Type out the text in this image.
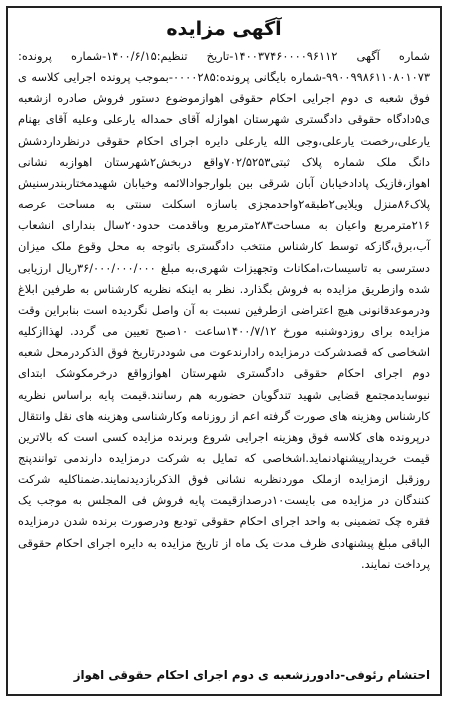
آگهی مزایده
شماره آگهی ۱۴۰۰۳۷۴۶۰۰۰۰۹۶۱۱۲-تاریخ تنظیم:۱۴۰۰/۶/۱۵-شماره پرونده: ۹۹۰۰۹۹۸۶۱۱۰۸۰۱۰۷۳-شماره بایگانی پرونده:۰۰۰۰۲۸۵-بموجب پرونده اجرایی کلاسه ی فوق شعبه ی دوم اجرایی احکام حقوقی اهوازموضوع دستور فروش صادره ازشعبه ی۵دادگاه حقوقی دادگستری شهرستان اهوازله آقای حمداله یارعلی وعلیه آقای بهنام یارعلی،رخصت یارعلی،وجی الله یارعلی دایره اجرای احکام حقوقی درنظرداردشش دانگ ملک شماره پلاک ثبتی۷۰۲/۵۲۵۳واقع دربخش۲شهرستان اهوازبه نشانی اهواز،فازیک پادادخیابان آبان شرقی بین بلوارجوادالائمه وخیابان شهیدمختاربندرسنیش پلاک۸۶منزل ویلایی۲طبقه۲واحدمجزی باسازه اسکلت سنتی به مساحت عرصه ۲۱۶مترمربع واعیان به مساحت۲۸۳مترمربع وباقدمت حدود۲۰سال بندارای انشعاب آب،برق،گازکه توسط کارشناس منتخب دادگستری باتوجه به محل وقوع ملک میزان دسترسی به تاسیسات،امکانات وتجهیزات شهری،به مبلغ ۳۶/۰۰۰/۰۰۰/۰۰۰ریال ارزیابی شده وازطریق مزایده به فروش بگذارد. نظر به اینکه نظریه کارشناس به طرفین ابلاغ ودرموعدقانونی هیچ اعتراضی ازطرفین نسبت به آن واصل نگردیده است بنابراین وقت مزایده برای روزدوشنبه مورخ ۱۴۰۰/۷/۱۲ساعت ۱۰صبح تعیین می گردد. لهذاازکلیه اشخاصی که قصدشرکت درمزایده رادارندعوت می شوددرتاریخ فوق الذکردرمحل شعبه دوم اجرای احکام حقوقی دادگستری شهرستان اهوازواقع درخرمکوشک ابتدای نیوسایدمجتمع قضایی شهید تندگویان حضوربه هم رسانند.قیمت پایه براساس نظریه کارشناس وهزینه های صورت گرفته اعم از روزنامه وکارشناسی وهزینه های نقل وانتقال درپرونده های کلاسه فوق وهزینه اجرایی شروع وبرنده مزایده کسی است که بالاترین قیمت خریدارپیشنهادنماید.اشخاصی که تمایل به شرکت درمزایده دارندمی توانندپنج روزقبل ازمزایده ازملک موردنظربه نشانی فوق الذکربازدیدنمایند.ضمناکلیه شرکت کنندگان در مزایده می بایست۱۰درصدازقیمت پایه فروش فی المجلس به موجب یک فقره چک تضمینی به واحد اجرای احکام حقوقی تودیع ودرصورت برنده شدن درمزایده الباقی مبلغ پیشنهادی ظرف مدت یک ماه از تاریخ مزایده به دایره اجرای احکام حقوقی پرداخت نمایند.
احتشام رئوفی-دادورزشعبه ی دوم اجرای احکام حقوقی اهواز
